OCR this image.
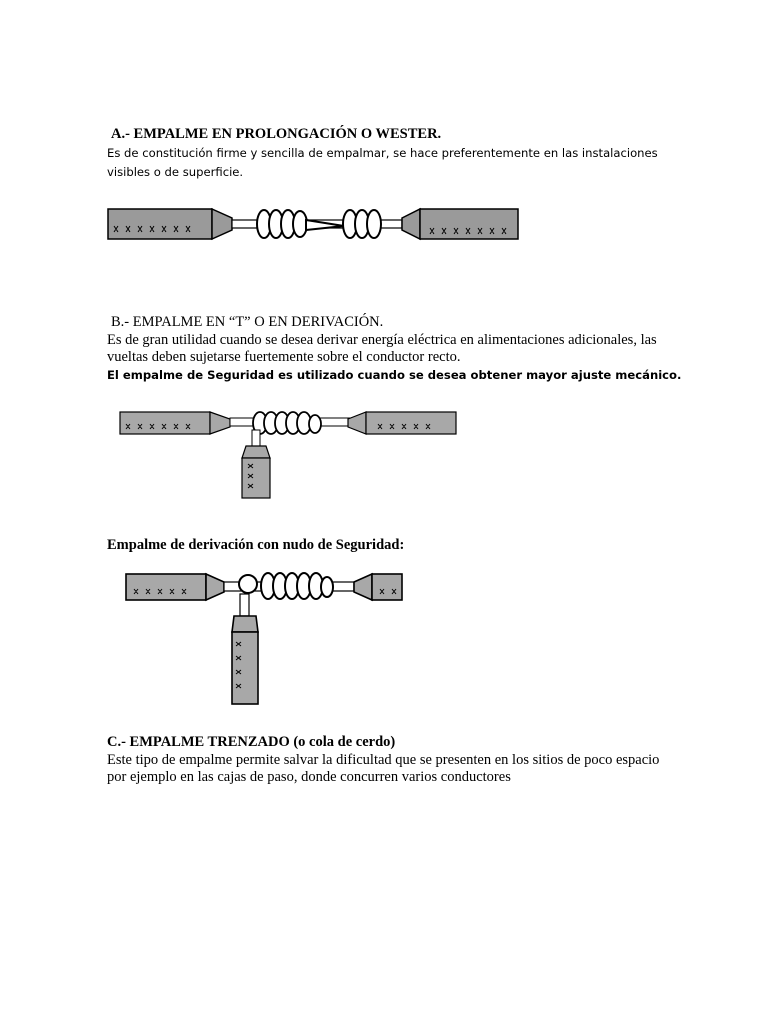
A.- EMPALME EN PROLONGACIÓN O WESTER.
Es de constitución firme y sencilla de empalmar, se hace preferentemente en las instalaciones
visibles o de superficie.
B.- EMPALME EN “T” O EN DERIVACIÓN.
Es de gran utilidad cuando se desea derivar energía eléctrica en alimentaciones adicionales, las
vueltas deben sujetarse fuertemente sobre el conductor recto.
El empalme de Seguridad es utilizado cuando se desea obtener mayor ajuste mecánico.
Empalme de derivación con nudo de Seguridad:
C.- EMPALME TRENZADO (o cola de cerdo)
Este tipo de empalme permite salvar la dificultad que se presenten en los sitios de poco espacio
por ejemplo en las cajas de paso, donde concurren varios conductores
